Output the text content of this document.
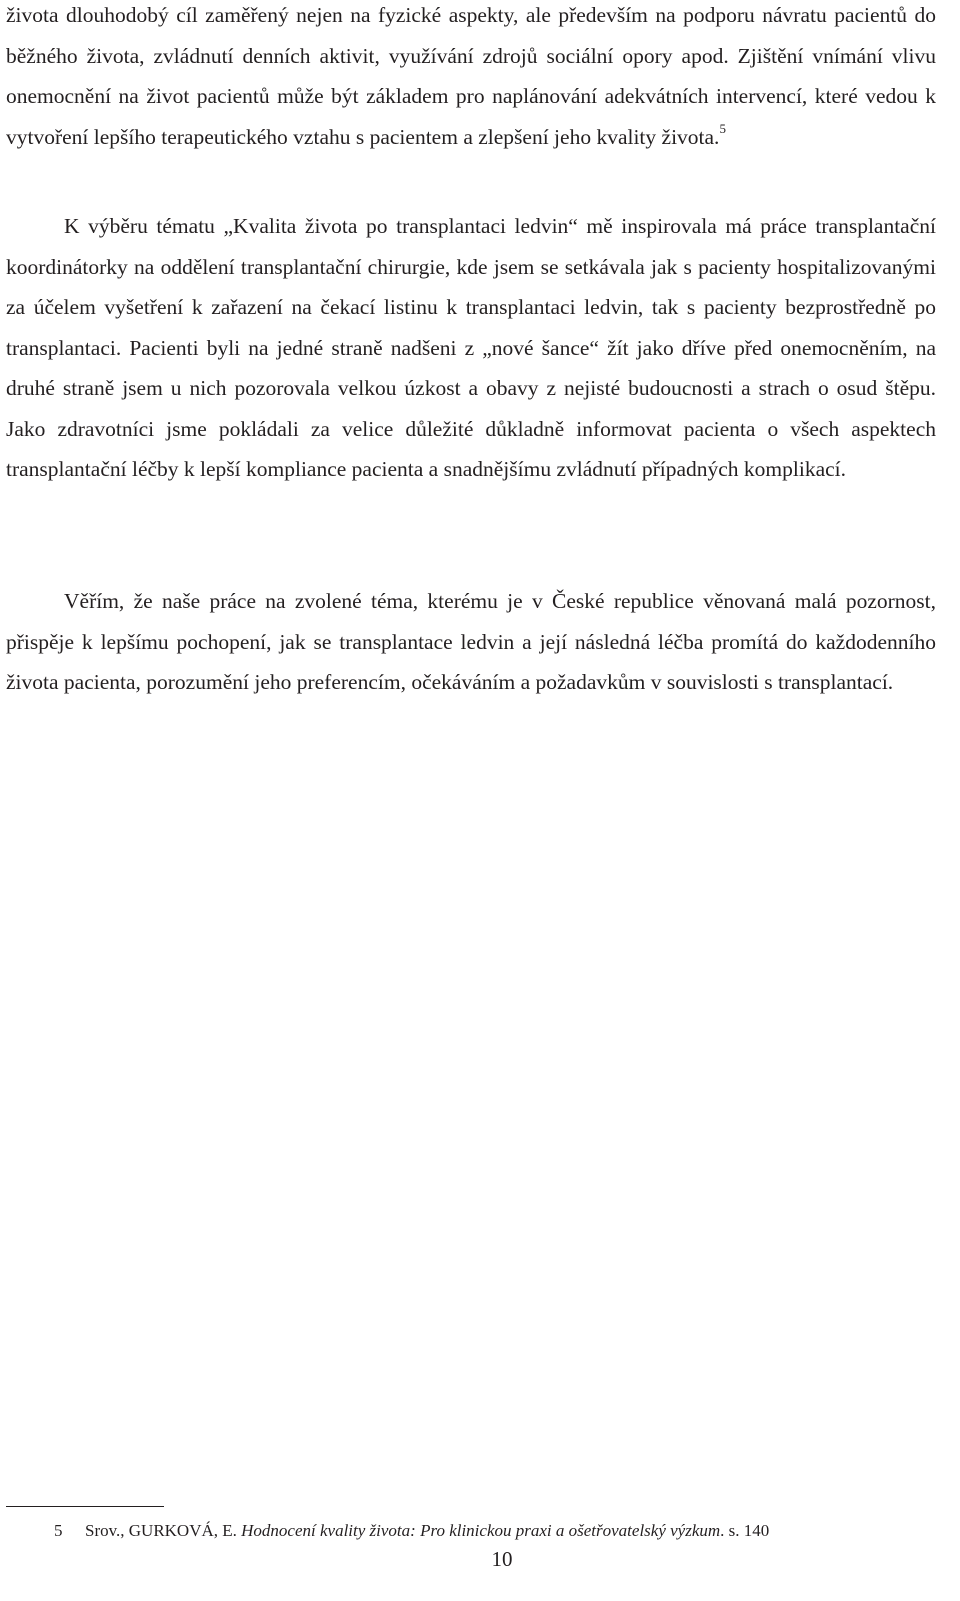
života dlouhodobý cíl zaměřený nejen na fyzické aspekty, ale především na podporu návratu pacientů do běžného života, zvládnutí denních aktivit, využívání zdrojů sociální opory apod. Zjištění vnímání vlivu onemocnění na život pacientů může být základem pro naplánování adekvátních intervencí, které vedou k vytvoření lepšího terapeutického vztahu s pacientem a zlepšení jeho kvality života.$^5$

K výběru tématu „Kvalita života po transplantaci ledvin“ mě inspirovala má práce transplantační koordinátorky na oddělení transplantační chirurgie, kde jsem se setkávala jak s pacienty hospitalizovanými za účelem vyšetření k zařazení na čekací listinu k transplantaci ledvin, tak s pacienty bezprostředně po transplantaci. Pacienti byli na jedné straně nadšeni z „nové šance“ žít jako dříve před onemocněním, na druhé straně jsem u nich pozorovala velkou úzkost a obavy z nejisté budoucnosti a strach o osud štěpu. Jako zdravotníci jsme pokládali za velice důležité důkladně informovat pacienta o všech aspektech transplantační léčby k lepší kompliance pacienta a snadnějšímu zvládnutí případných komplikací.

Věřím, že naše práce na zvolené téma, kterému je v České republice věnovaná malá pozornost, přispěje k lepšímu pochopení, jak se transplantace ledvin a její následná léčba promítá do každodenního života pacienta, porozumění jeho preferencím, očekáváním a požadavkům v souvislosti s transplantací.

5 Srov., GURKOVÁ, E. Hodnocení kvality života: Pro klinickou praxi a ošetřovatelský výzkum. s. 140
10
